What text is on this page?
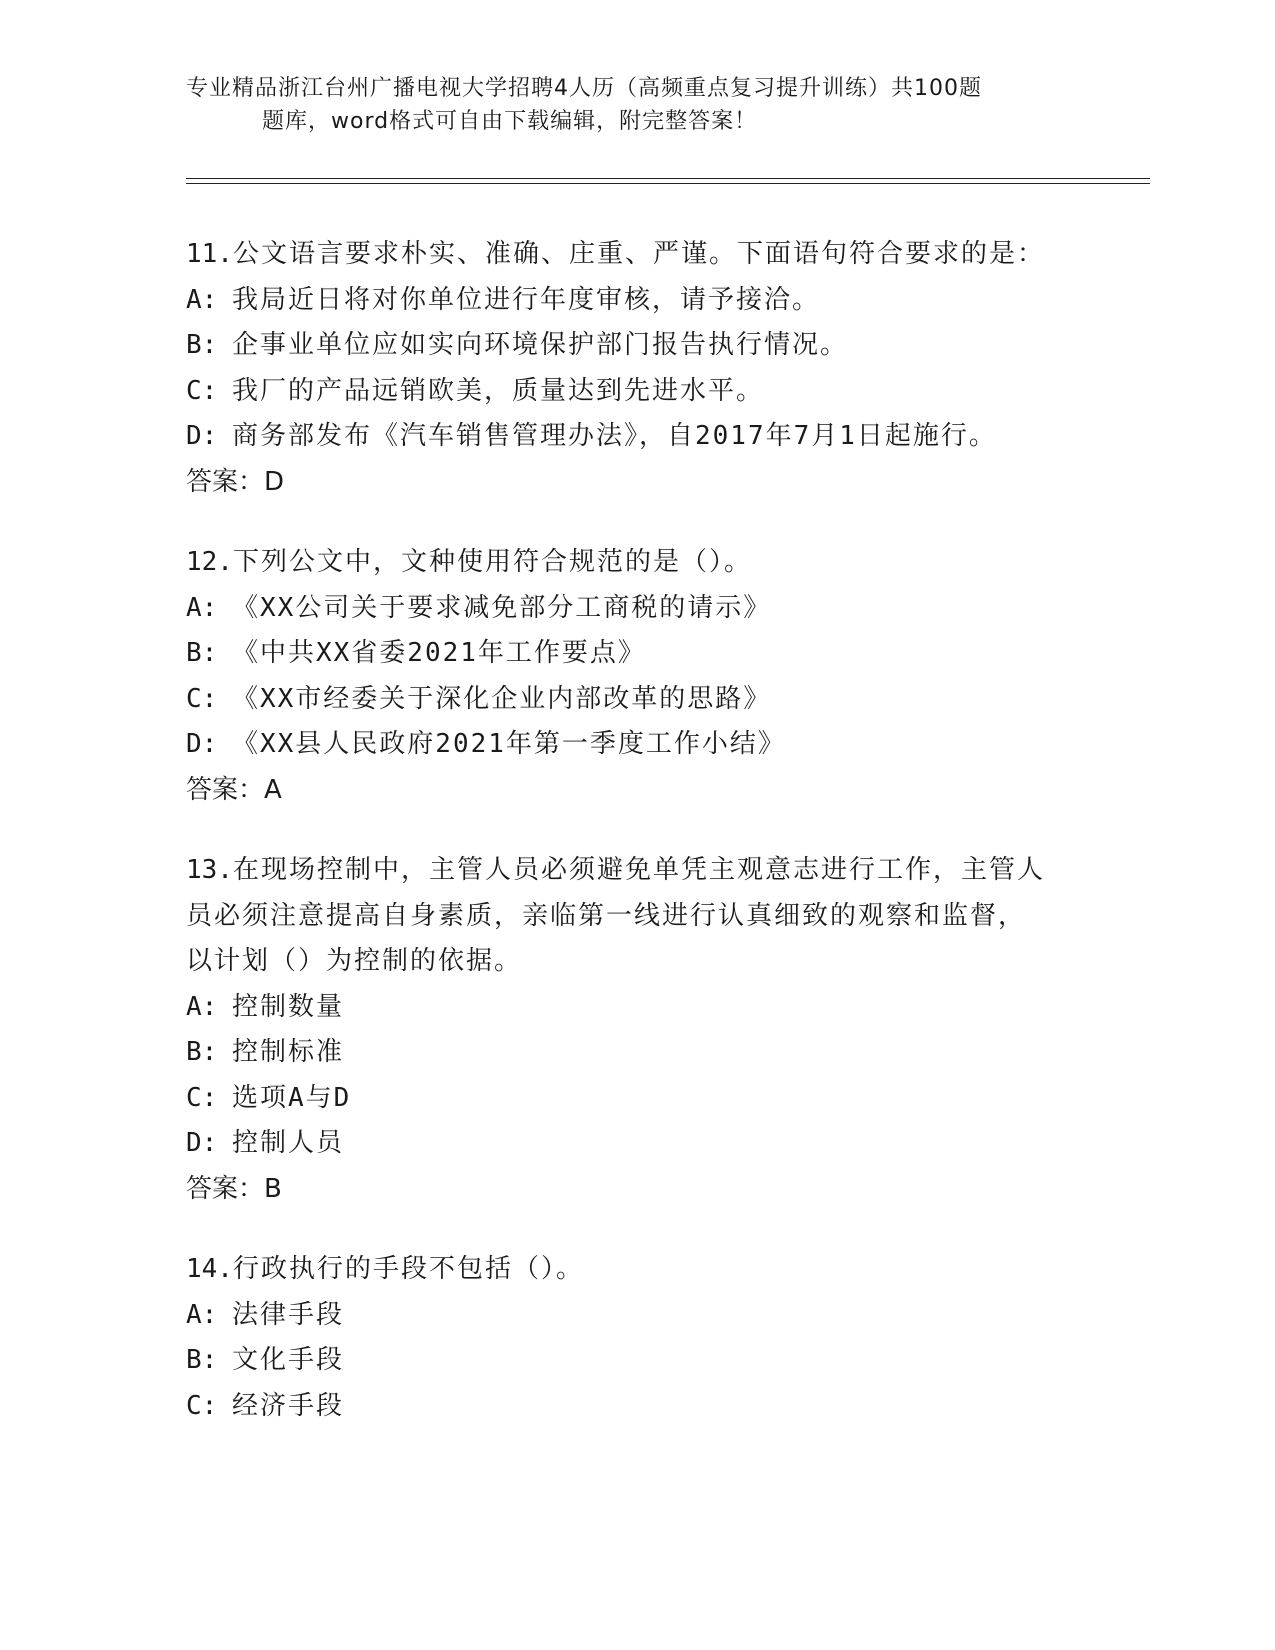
专业精品浙江台州广播电视大学招聘4人历（高频重点复习提升训练）共100题
题库，word格式可自由下载编辑，附完整答案！

11.公文语言要求朴实、准确、庄重、严谨。下面语句符合要求的是：

A: 我局近日将对你单位进行年度审核，请予接洽。

B: 企事业单位应如实向环境保护部门报告执行情况。

C: 我厂的产品远销欧美，质量达到先进水平。

D: 商务部发布《汽车销售管理办法》，自2017年7月1日起施行。

答案：D

12.下列公文中，文种使用符合规范的是（）。

A: 《XX公司关于要求减免部分工商税的请示》

B: 《中共XX省委2021年工作要点》

C: 《XX市经委关于深化企业内部改革的思路》

D: 《XX县人民政府2021年第一季度工作小结》

答案：A

13.在现场控制中，主管人员必须避免单凭主观意志进行工作，主管人

员必须注意提高自身素质，亲临第一线进行认真细致的观察和监督，

以计划（）为控制的依据。

A: 控制数量

B: 控制标准

C: 选项A与D

D: 控制人员

答案：B

14.行政执行的手段不包括（）。

A: 法律手段

B: 文化手段

C: 经济手段
